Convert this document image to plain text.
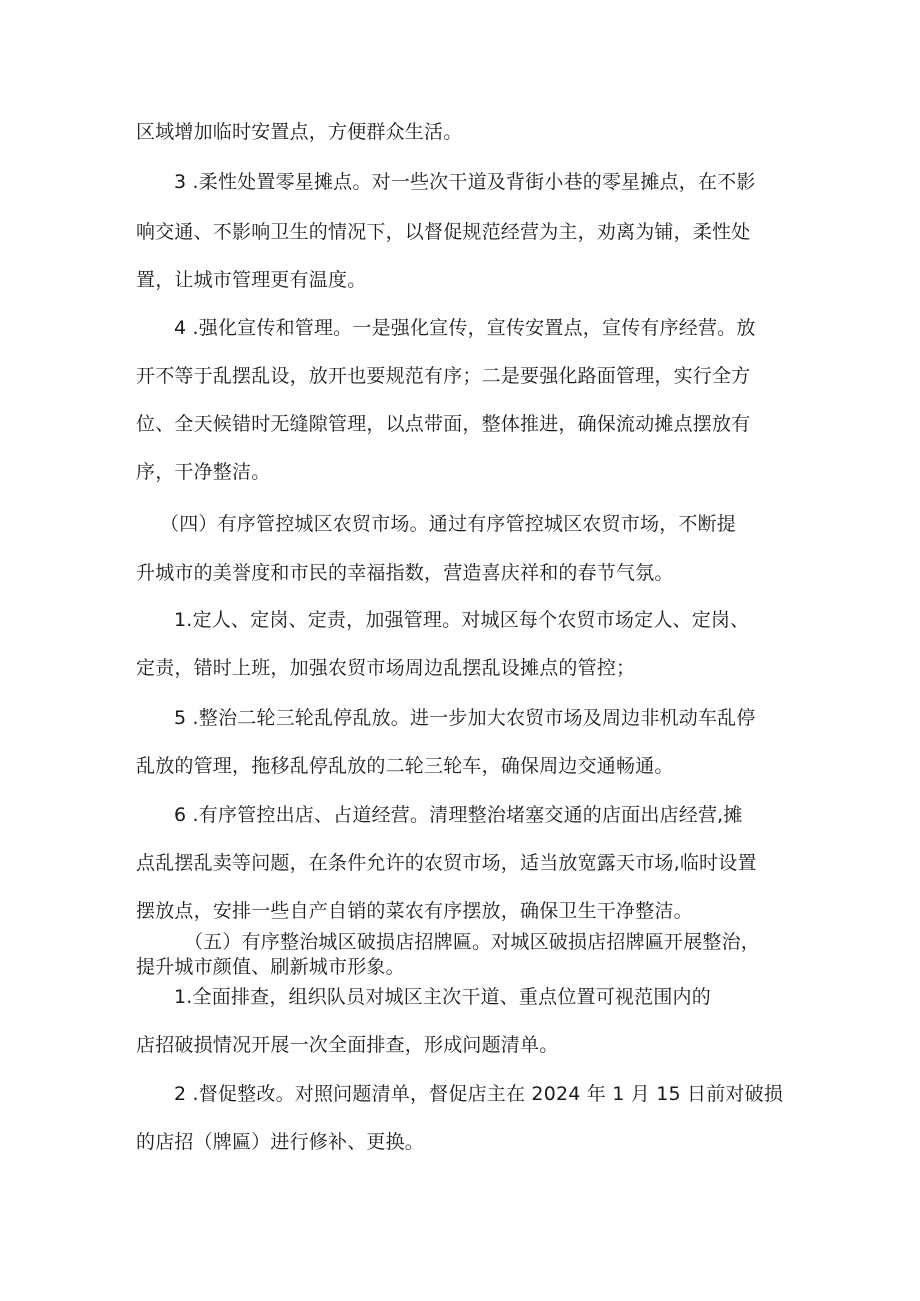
区域增加临时安置点，方便群众生活。
3 .柔性处置零星摊点。对一些次干道及背街小巷的零星摊点，在不影
响交通、不影响卫生的情况下，以督促规范经营为主，劝离为铺，柔性处
置，让城市管理更有温度。
4 .强化宣传和管理。一是强化宣传，宣传安置点，宣传有序经营。放
开不等于乱摆乱设，放开也要规范有序；二是要强化路面管理，实行全方
位、全天候错时无缝隙管理，以点带面，整体推进，确保流动摊点摆放有
序，干净整洁。
（四）有序管控城区农贸市场。通过有序管控城区农贸市场，不断提
升城市的美誉度和市民的幸福指数，营造喜庆祥和的春节气氛。
1.定人、定岗、定责，加强管理。对城区每个农贸市场定人、定岗、
定责，错时上班，加强农贸市场周边乱摆乱设摊点的管控；
5 .整治二轮三轮乱停乱放。进一步加大农贸市场及周边非机动车乱停
乱放的管理，拖移乱停乱放的二轮三轮车，确保周边交通畅通。
6 .有序管控出店、占道经营。清理整治堵塞交通的店面出店经营,摊
点乱摆乱卖等问题，在条件允许的农贸市场，适当放宽露天市场,临时设置
摆放点，安排一些自产自销的菜农有序摆放，确保卫生干净整洁。
（五）有序整治城区破损店招牌匾。对城区破损店招牌匾开展整治，
提升城市颜值、刷新城市形象。
1.全面排查，组织队员对城区主次干道、重点位置可视范围内的
店招破损情况开展一次全面排查，形成问题清单。
2 .督促整改。对照问题清单，督促店主在 2024 年 1 月 15 日前对破损
的店招（牌匾）进行修补、更换。
